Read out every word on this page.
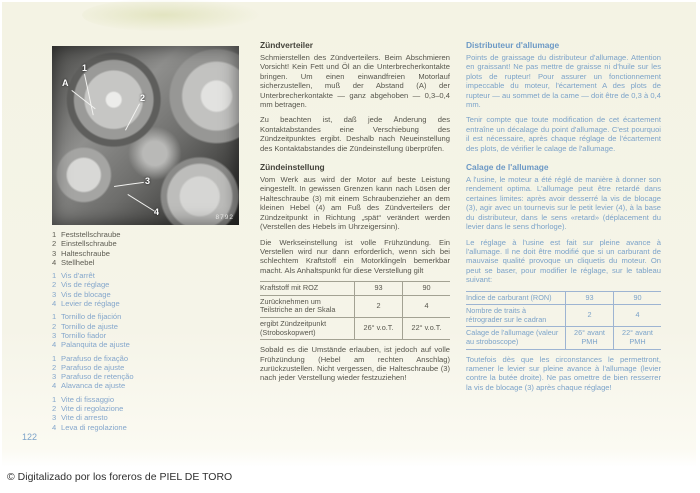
A
1
2
3
4
8792
1 Feststellschraube
2 Einstellschraube
3 Halteschraube
4 Stellhebel
1 Vis d'arrêt
2 Vis de réglage
3 Vis de blocage
4 Levier de réglage
1 Tornillo de fijación
2 Tornillo de ajuste
3 Tornillo fiador
4 Palanquita de ajuste
1 Parafuso de fixação
2 Parafuso de ajuste
3 Parafuso de retenção
4 Alavanca de ajuste
1 Vite di fissaggio
2 Vite di regolazione
3 Vite di arresto
4 Leva di regolazione
Zündverteiler

Schmierstellen des Zündverteilers. Beim Abschmieren Vorsicht! Kein Fett und Öl an die Unterbrecherkontakte bringen. Um einen einwandfreien Motorlauf sicherzustellen, muß der Abstand (A) der Unterbrecherkontakte — ganz abgehoben — 0,3–0,4 mm betragen.

Zu beachten ist, daß jede Änderung des Kontaktabstandes eine Verschiebung des Zündzeitpunktes ergibt. Deshalb nach Neueinstellung des Kontaktabstandes die Zündeinstellung überprüfen.

Zündeinstellung

Vom Werk aus wird der Motor auf beste Leistung eingestellt. In gewissen Grenzen kann nach Lösen der Halteschraube (3) mit einem Schraubenzieher an dem kleinen Hebel (4) am Fuß des Zündverteilers der Zündzeitpunkt in Richtung „spät“ verändert werden (Verstellen des Hebels im Uhrzeigersinn).

Die Werkseinstellung ist volle Frühzündung. Ein Verstellen wird nur dann erforderlich, wenn sich bei schlechtem Kraftstoff ein Motorklingeln bemerkbar macht. Als Anhaltspunkt für diese Verstellung gilt

Kraftstoff mit ROZ	93	90
Zurücknehmen um Teilstriche an der Skala	2	4
ergibt Zündzeitpunkt (Stroboskopwert)	26° v.o.T.	22° v.o.T.

Sobald es die Umstände erlauben, ist jedoch auf volle Frühzündung (Hebel am rechten Anschlag) zurückzustellen. Nicht vergessen, die Halteschraube (3) nach jeder Verstellung wieder festzuziehen!

Distributeur d'allumage

Points de graissage du distributeur d'allumage. Attention en graissant! Ne pas mettre de graisse ni d'huile sur les plots de rupteur! Pour assurer un fonctionnement impeccable du moteur, l'écartement A des plots de rupteur — au sommet de la came — doit être de 0,3 à 0,4 mm.

Tenir compte que toute modification de cet écartement entraîne un décalage du point d'allumage. C'est pourquoi il est nécessaire, après chaque réglage de l'écartement des plots, de vérifier le calage de l'allumage.

Calage de l'allumage

A l'usine, le moteur a été réglé de manière à donner son rendement optima. L'allumage peut être retardé dans certaines limites: après avoir desserré la vis de blocage (3), agir avec un tournevis sur le petit levier (4), à la base du distributeur, dans le sens «retard» (déplacement du levier dans le sens d'horloge).

Le réglage à l'usine est fait sur pleine avance à l'allumage. Il ne doit être modifié que si un carburant de mauvaise qualité provoque un cliquetis du moteur. On peut se baser, pour modifier le réglage, sur le tableau suivant:

Indice de carburant (RON)	93	90
Nombre de traits à rétrograder sur le cadran	2	4
Calage de l'allumage (valeur au stroboscope)	26° avant PMH	22° avant PMH

Toutefois dès que les circonstances le permettront, ramener le levier sur pleine avance à l'allumage (levier contre la butée droite). Ne pas omettre de bien resserrer la vis de blocage (3) après chaque réglage!

122
© Digitalizado por los foreros de PIEL DE TORO
